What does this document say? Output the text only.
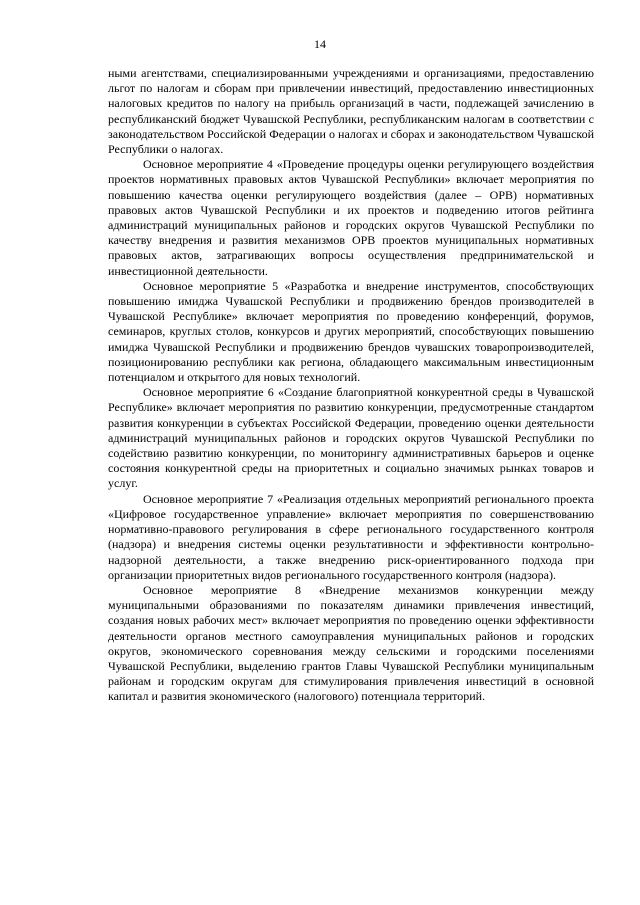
14

ными агентствами, специализированными учреждениями и организациями, предоставлению льгот по налогам и сборам при привлечении инвестиций, предоставлению инвестиционных налоговых кредитов по налогу на прибыль организаций в части, подлежащей зачислению в республиканский бюджет Чувашской Республики, республиканским налогам в соответствии с законодательством Российской Федерации о налогах и сборах и законодательством Чувашской Республики о налогах.

Основное мероприятие 4 «Проведение процедуры оценки регулирующего воздействия проектов нормативных правовых актов Чувашской Республики» включает мероприятия по повышению качества оценки регулирующего воздействия (далее – ОРВ) нормативных правовых актов Чувашской Республики и их проектов и подведению итогов рейтинга администраций муниципальных районов и городских округов Чувашской Республики по качеству внедрения и развития механизмов ОРВ проектов муниципальных нормативных правовых актов, затрагивающих вопросы осуществления предпринимательской и инвестиционной деятельности.

Основное мероприятие 5 «Разработка и внедрение инструментов, способствующих повышению имиджа Чувашской Республики и продвижению брендов производителей в Чувашской Республике» включает мероприятия по проведению конференций, форумов, семинаров, круглых столов, конкурсов и других мероприятий, способствующих повышению имиджа Чувашской Республики и продвижению брендов чувашских товаропроизводителей, позиционированию республики как региона, обладающего максимальным инвестиционным потенциалом и открытого для новых технологий.

Основное мероприятие 6 «Создание благоприятной конкурентной среды в Чувашской Республике» включает мероприятия по развитию конкуренции, предусмотренные стандартом развития конкуренции в субъектах Российской Федерации, проведению оценки деятельности администраций муниципальных районов и городских округов Чувашской Республики по содействию развитию конкуренции, по мониторингу административных барьеров и оценке состояния конкурентной среды на приоритетных и социально значимых рынках товаров и услуг.

Основное мероприятие 7 «Реализация отдельных мероприятий регионального проекта «Цифровое государственное управление» включает мероприятия по совершенствованию нормативно-правового регулирования в сфере регионального государственного контроля (надзора) и внедрения системы оценки результативности и эффективности контрольно-надзорной деятельности, а также внедрению риск-ориентированного подхода при организации приоритетных видов регионального государственного контроля (надзора).

Основное мероприятие 8 «Внедрение механизмов конкуренции между муниципальными образованиями по показателям динамики привлечения инвестиций, создания новых рабочих мест» включает мероприятия по проведению оценки эффективности деятельности органов местного самоуправления муниципальных районов и городских округов, экономического соревнования между сельскими и городскими поселениями Чувашской Республики, выделению грантов Главы Чувашской Республики муниципальным районам и городским округам для стимулирования привлечения инвестиций в основной капитал и развития экономического (налогового) потенциала территорий.
